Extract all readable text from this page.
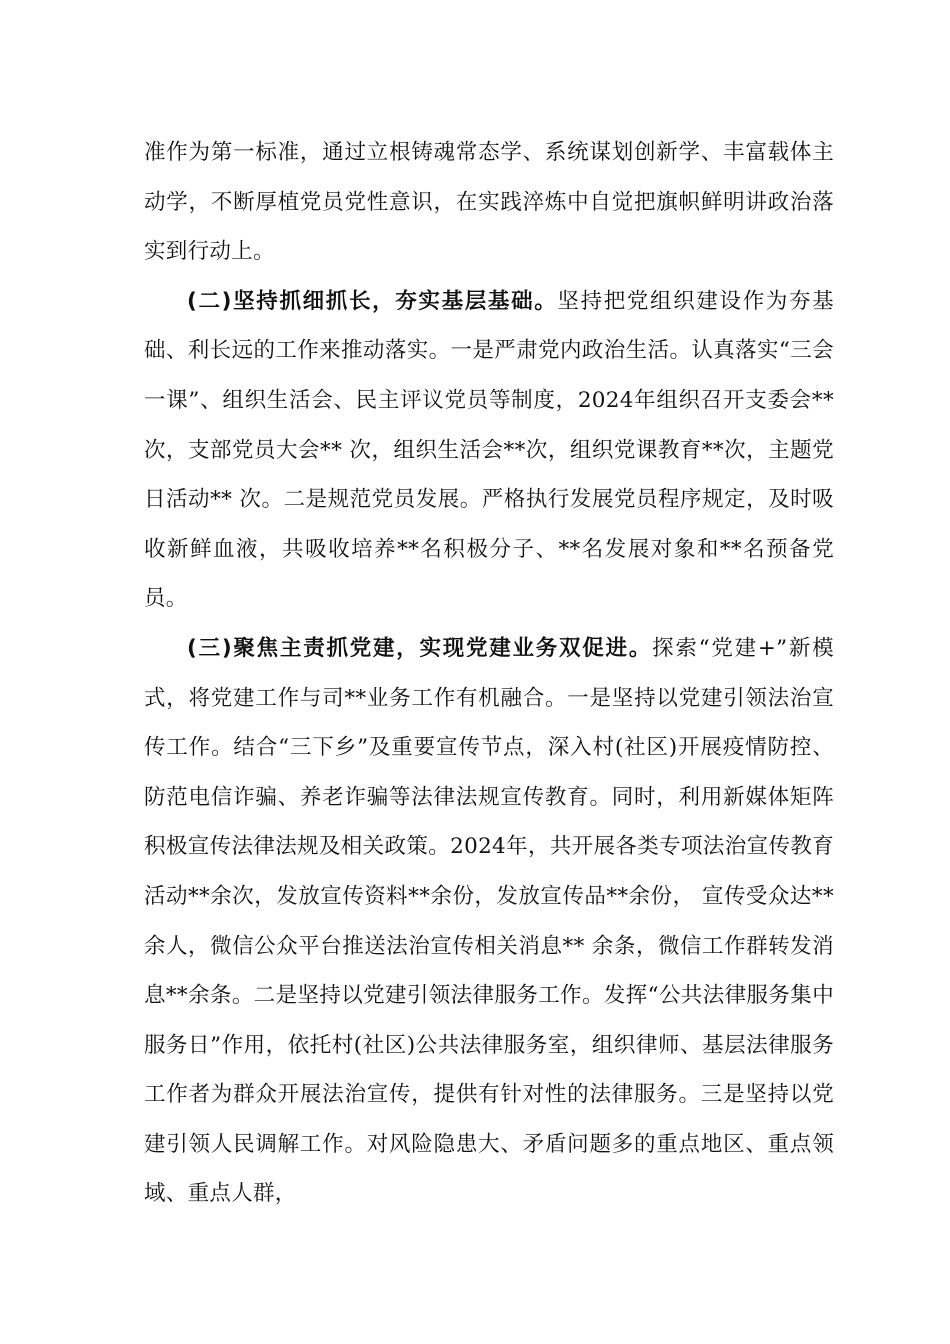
准作为第一标准，通过立根铸魂常态学、系统谋划创新学、丰富载体主动学，不断厚植党员党性意识，在实践淬炼中自觉把旗帜鲜明讲政治落实到行动上。

(二)坚持抓细抓长，夯实基层基础。坚持把党组织建设作为夯基础、利长远的工作来推动落实。一是严肃党内政治生活。认真落实“三会一课”、组织生活会、民主评议党员等制度，2024年组织召开支委会**次，支部党员大会** 次，组织生活会**次，组织党课教育**次，主题党日活动** 次。二是规范党员发展。严格执行发展党员程序规定，及时吸收新鲜血液，共吸收培养**名积极分子、**名发展对象和**名预备党员。

(三)聚焦主责抓党建，实现党建业务双促进。探索“党建+”新模式，将党建工作与司**业务工作有机融合。一是坚持以党建引领法治宣传工作。结合“三下乡”及重要宣传节点，深入村(社区)开展疫情防控、防范电信诈骗、养老诈骗等法律法规宣传教育。同时，利用新媒体矩阵积极宣传法律法规及相关政策。2024年，共开展各类专项法治宣传教育活动**余次，发放宣传资料**余份，发放宣传品**余份， 宣传受众达**余人，微信公众平台推送法治宣传相关消息** 余条，微信工作群转发消息**余条。二是坚持以党建引领法律服务工作。发挥“公共法律服务集中服务日”作用，依托村(社区)公共法律服务室，组织律师、基层法律服务工作者为群众开展法治宣传，提供有针对性的法律服务。三是坚持以党建引领人民调解工作。对风险隐患大、矛盾问题多的重点地区、重点领域、重点人群，
